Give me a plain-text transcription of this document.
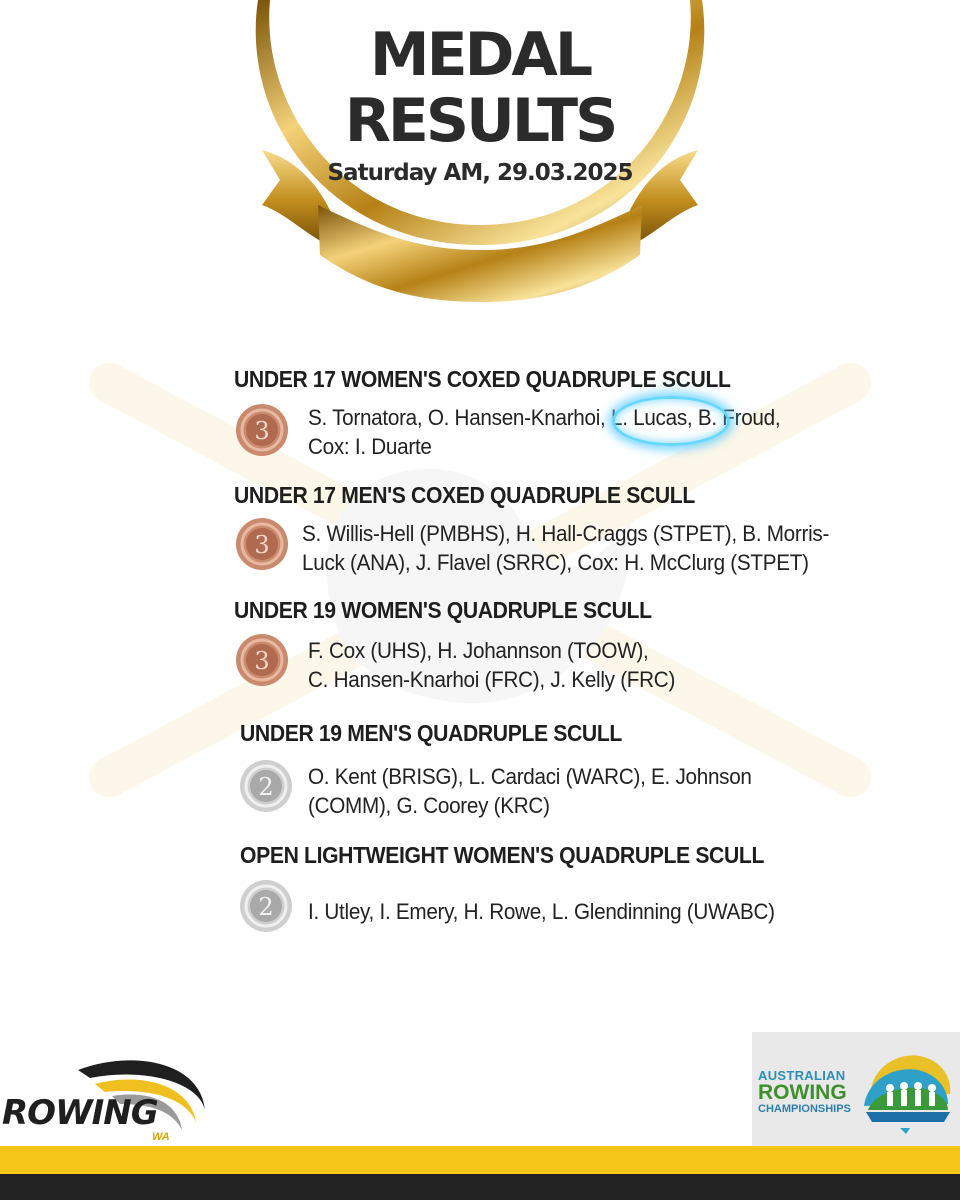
MEDAL
RESULTS
Saturday AM, 29.03.2025
UNDER 17 WOMEN'S COXED QUADRUPLE SCULL
3 S. Tornatora, O. Hansen-Knarhoi, L. Lucas, B. Froud,
Cox: I. Duarte
UNDER 17 MEN'S COXED QUADRUPLE SCULL
3 S. Willis-Hell (PMBHS), H. Hall-Craggs (STPET), B. Morris-
Luck (ANA), J. Flavel (SRRC), Cox: H. McClurg (STPET)
UNDER 19 WOMEN'S QUADRUPLE SCULL
3 F. Cox (UHS), H. Johannson (TOOW),
C. Hansen-Knarhoi (FRC), J. Kelly (FRC)
UNDER 19 MEN'S QUADRUPLE SCULL
2 O. Kent (BRISG), L. Cardaci (WARC), E. Johnson
(COMM), G. Coorey (KRC)
OPEN LIGHTWEIGHT WOMEN'S QUADRUPLE SCULL
2 I. Utley, I. Emery, H. Rowe, L. Glendinning (UWABC)
ROWING
WA
AUSTRALIAN
ROWING
CHAMPIONSHIPS
